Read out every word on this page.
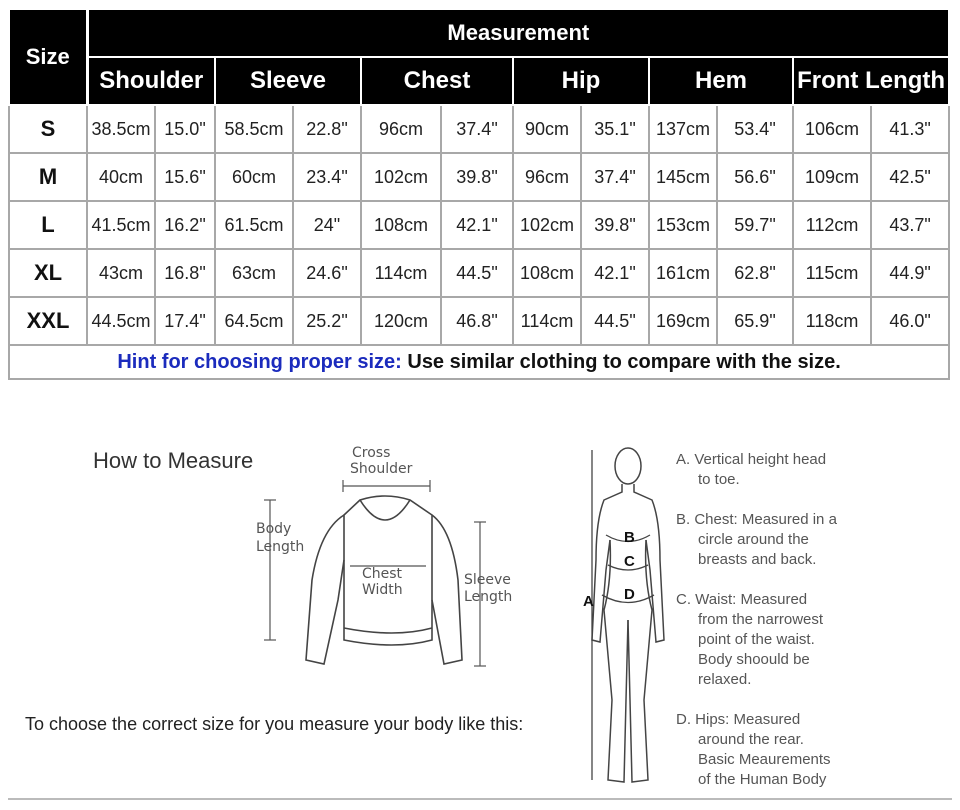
Size	Measurement											
	Shoulder		Sleeve		Chest		Hip		Hem		Front Length	
S	38.5cm	15.0"	58.5cm	22.8"	96cm	37.4"	90cm	35.1"	137cm	53.4"	106cm	41.3"
M	40cm	15.6"	60cm	23.4"	102cm	39.8"	96cm	37.4"	145cm	56.6"	109cm	42.5"
L	41.5cm	16.2"	61.5cm	24"	108cm	42.1"	102cm	39.8"	153cm	59.7"	112cm	43.7"
XL	43cm	16.8"	63cm	24.6"	114cm	44.5"	108cm	42.1"	161cm	62.8"	115cm	44.9"
XXL	44.5cm	17.4"	64.5cm	25.2"	120cm	46.8"	114cm	44.5"	169cm	65.9"	118cm	46.0"
Hint for choosing proper size: Use similar clothing to compare with the size.												
How to Measure	Cross
Shoulder
Body
Length
Chest
Width
Sleeve
Length	A
B
C
D
To choose the correct size for you measure your body like this:
A. Vertical height head
to toe.
B. Chest: Measured in a
circle around the
breasts and back.
C. Waist: Measured
from the narrowest
point of the waist.
Body shoould be
relaxed.
D. Hips: Measured
around the rear.
Basic Meaurements
of the Human Body
